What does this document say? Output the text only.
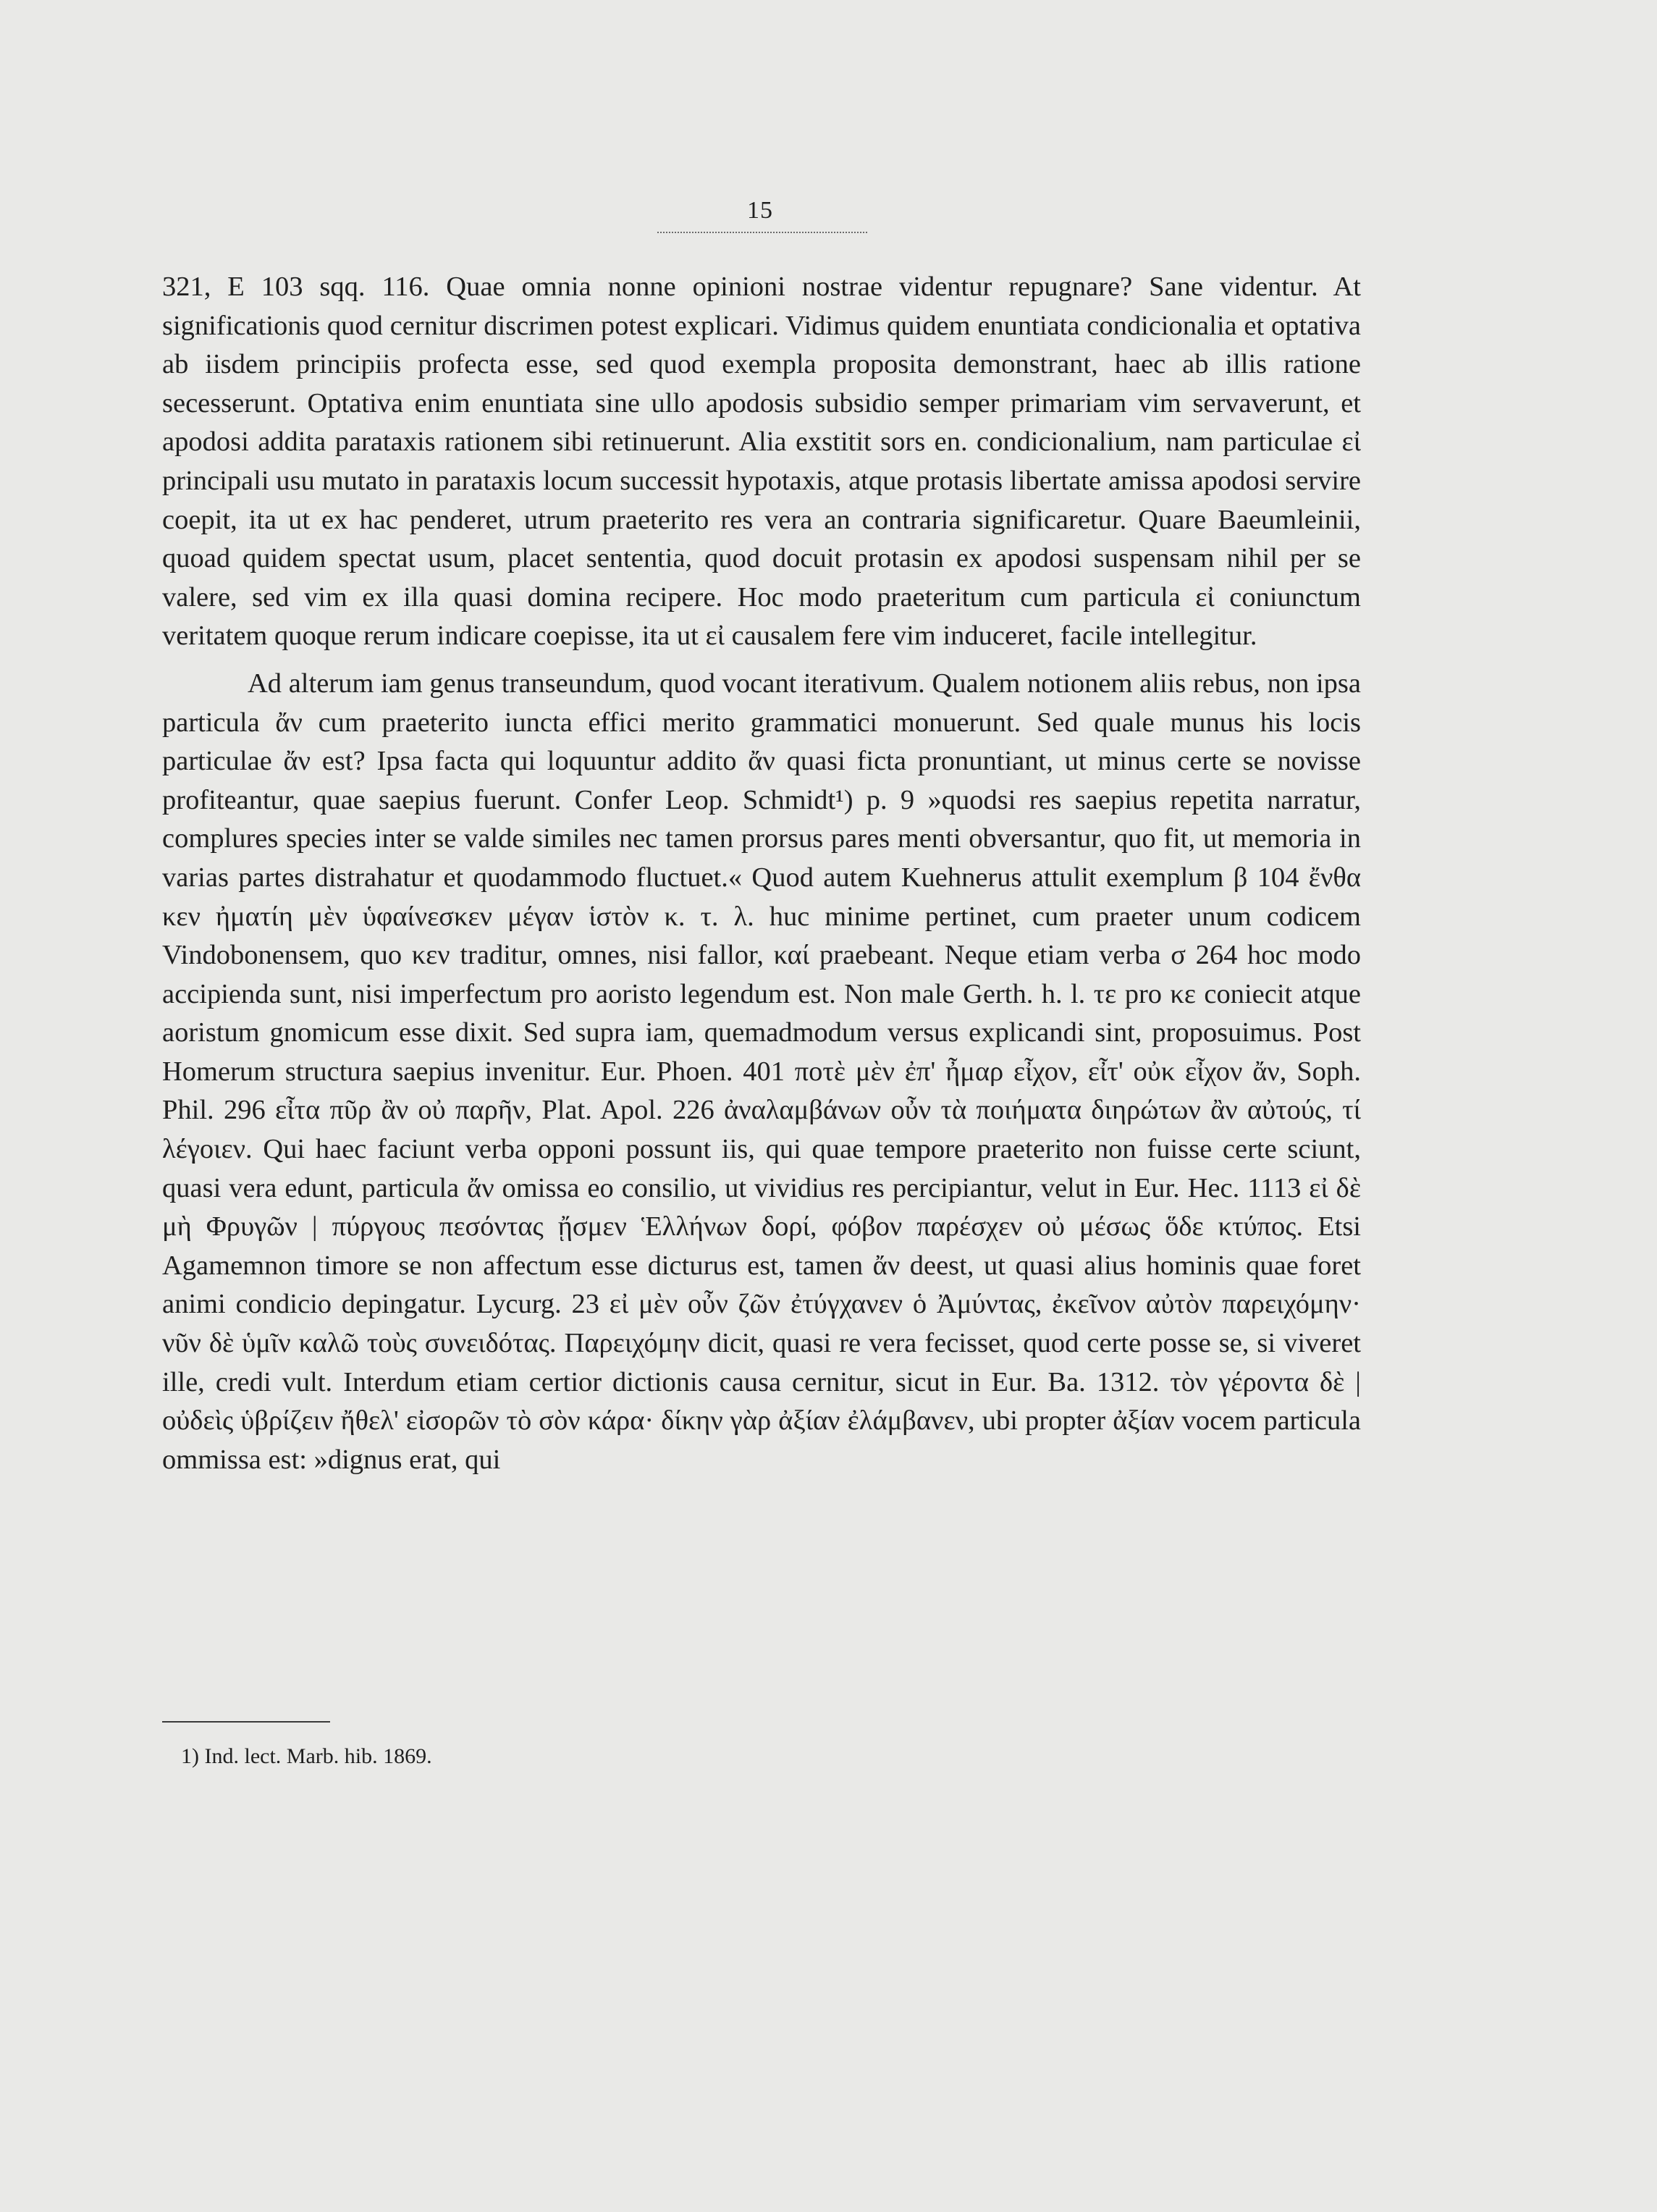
15

321, E 103 sqq. 116. Quae omnia nonne opinioni nostrae videntur repugnare? Sane videntur. At significationis quod cernitur discrimen potest explicari. Vidimus quidem enuntiata condicionalia et optativa ab iisdem principiis profecta esse, sed quod exempla proposita demonstrant, haec ab illis ratione secesserunt. Optativa enim enuntiata sine ullo apodosis subsidio semper primariam vim servaverunt, et apodosi addita parataxis rationem sibi retinuerunt. Alia exstitit sors en. condicionalium, nam particulae εἰ principali usu mutato in parataxis locum successit hypotaxis, atque protasis libertate amissa apodosi servire coepit, ita ut ex hac penderet, utrum praeterito res vera an contraria significaretur. Quare Baeumleinii, quoad quidem spectat usum, placet sententia, quod docuit protasin ex apodosi suspensam nihil per se valere, sed vim ex illa quasi domina recipere. Hoc modo praeteritum cum particula εἰ coniunctum veritatem quoque rerum indicare coepisse, ita ut εἰ causalem fere vim induceret, facile intellegitur.

Ad alterum iam genus transeundum, quod vocant iterativum. Qualem notionem aliis rebus, non ipsa particula ἄν cum praeterito iuncta effici merito grammatici monuerunt. Sed quale munus his locis particulae ἄν est? Ipsa facta qui loquuntur addito ἄν quasi ficta pronuntiant, ut minus certe se novisse profiteantur, quae saepius fuerunt. Confer Leop. Schmidt¹) p. 9 »quodsi res saepius repetita narratur, complures species inter se valde similes nec tamen prorsus pares menti obversantur, quo fit, ut memoria in varias partes distrahatur et quodammodo fluctuet.« Quod autem Kuehnerus attulit exemplum β 104 ἔνθα κεν ἠματίη μὲν ὑφαίνεσκεν μέγαν ἱστὸν κ. τ. λ. huc minime pertinet, cum praeter unum codicem Vindobonensem, quo κεν traditur, omnes, nisi fallor, καί praebeant. Neque etiam verba σ 264 hoc modo accipienda sunt, nisi imperfectum pro aoristo legendum est. Non male Gerth. h. l. τε pro κε coniecit atque aoristum gnomicum esse dixit. Sed supra iam, quemadmodum versus explicandi sint, proposuimus. Post Homerum structura saepius invenitur. Eur. Phoen. 401 ποτὲ μὲν ἐπ' ἦμαρ εἶχον, εἶτ' οὐκ εἶχον ἄν, Soph. Phil. 296 εἶτα πῦρ ἂν οὐ παρῆν, Plat. Apol. 226 ἀναλαμβάνων οὖν τὰ ποιήματα διηρώτων ἂν αὐτούς, τί λέγοιεν. Qui haec faciunt verba opponi possunt iis, qui quae tempore praeterito non fuisse certe sciunt, quasi vera edunt, particula ἄν omissa eo consilio, ut vividius res percipiantur, velut in Eur. Hec. 1113 εἰ δὲ μὴ Φρυγῶν | πύργους πεσόντας ᾔσμεν Ἑλλήνων δορί, φόβον παρέσχεν οὐ μέσως ὅδε κτύπος. Etsi Agamemnon timore se non affectum esse dicturus est, tamen ἄν deest, ut quasi alius hominis quae foret animi condicio depingatur. Lycurg. 23 εἰ μὲν οὖν ζῶν ἐτύγχανεν ὁ Ἀμύντας, ἐκεῖνον αὐτὸν παρειχόμην· νῦν δὲ ὑμῖν καλῶ τοὺς συνειδότας. Παρειχόμην dicit, quasi re vera fecisset, quod certe posse se, si viveret ille, credi vult. Interdum etiam certior dictionis causa cernitur, sicut in Eur. Ba. 1312. τὸν γέροντα δὲ | οὐδεὶς ὑβρίζειν ἤθελ' εἰσορῶν τὸ σὸν κάρα· δίκην γὰρ ἀξίαν ἐλάμβανεν, ubi propter ἀξίαν vocem particula ommissa est: »dignus erat, qui

1) Ind. lect. Marb. hib. 1869.
